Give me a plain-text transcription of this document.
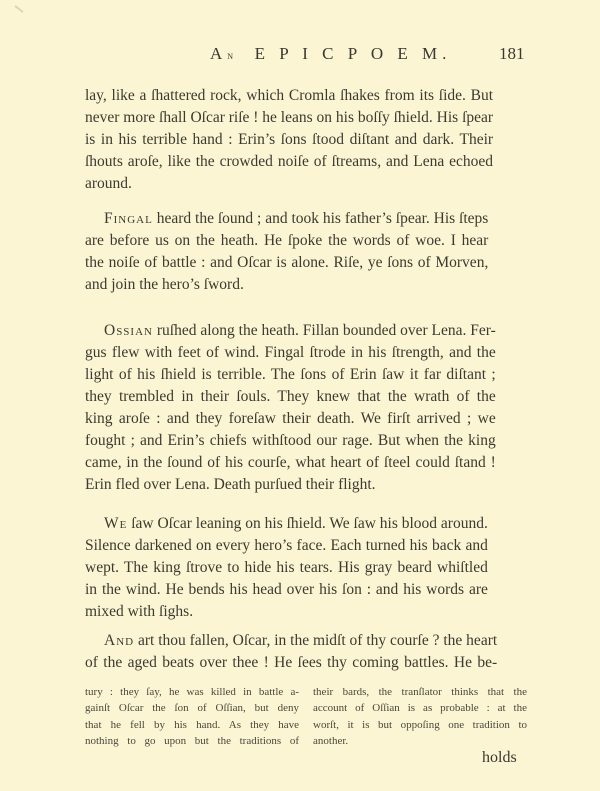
An E P I C P O E M.	181
lay, like a ſhattered rock, which Cromla ſhakes from its ſide. But
never more ſhall Oſcar riſe ! he leans on his boſſy ſhield. His ſpear
is in his terrible hand : Erin’s ſons ſtood diſtant and dark. Their
ſhouts aroſe, like the crowded noiſe of ſtreams, and Lena echoed
around.
Fingal heard the ſound ; and took his father’s ſpear. His ſteps
are before us on the heath. He ſpoke the words of woe. I hear
the noiſe of battle : and Oſcar is alone. Riſe, ye ſons of Morven,
and join the hero’s ſword.
Ossian ruſhed along the heath. Fillan bounded over Lena. Fer-
gus flew with feet of wind. Fingal ſtrode in his ſtrength, and the
light of his ſhield is terrible. The ſons of Erin ſaw it far diſtant ;
they trembled in their ſouls. They knew that the wrath of the
king aroſe : and they foreſaw their death. We firſt arrived ; we
fought ; and Erin’s chiefs withſtood our rage. But when the king
came, in the ſound of his courſe, what heart of ſteel could ſtand !
Erin fled over Lena. Death purſued their flight.
We ſaw Oſcar leaning on his ſhield. We ſaw his blood around.
Silence darkened on every hero’s face. Each turned his back and
wept. The king ſtrove to hide his tears. His gray beard whiſtled
in the wind. He bends his head over his ſon : and his words are
mixed with ſighs.
And art thou fallen, Oſcar, in the midſt of thy courſe ? the heart
of the aged beats over thee ! He ſees thy coming battles. He be-
tury : they ſay, he was killed in battle a-
gainſt Oſcar the ſon of Oſſian, but deny
that he fell by his hand. As they have
nothing to go upon but the traditions of
their bards, the tranſlator thinks that the
account of Oſſian is as probable : at the
worſt, it is but oppoſing one tradition to
another.
holds
